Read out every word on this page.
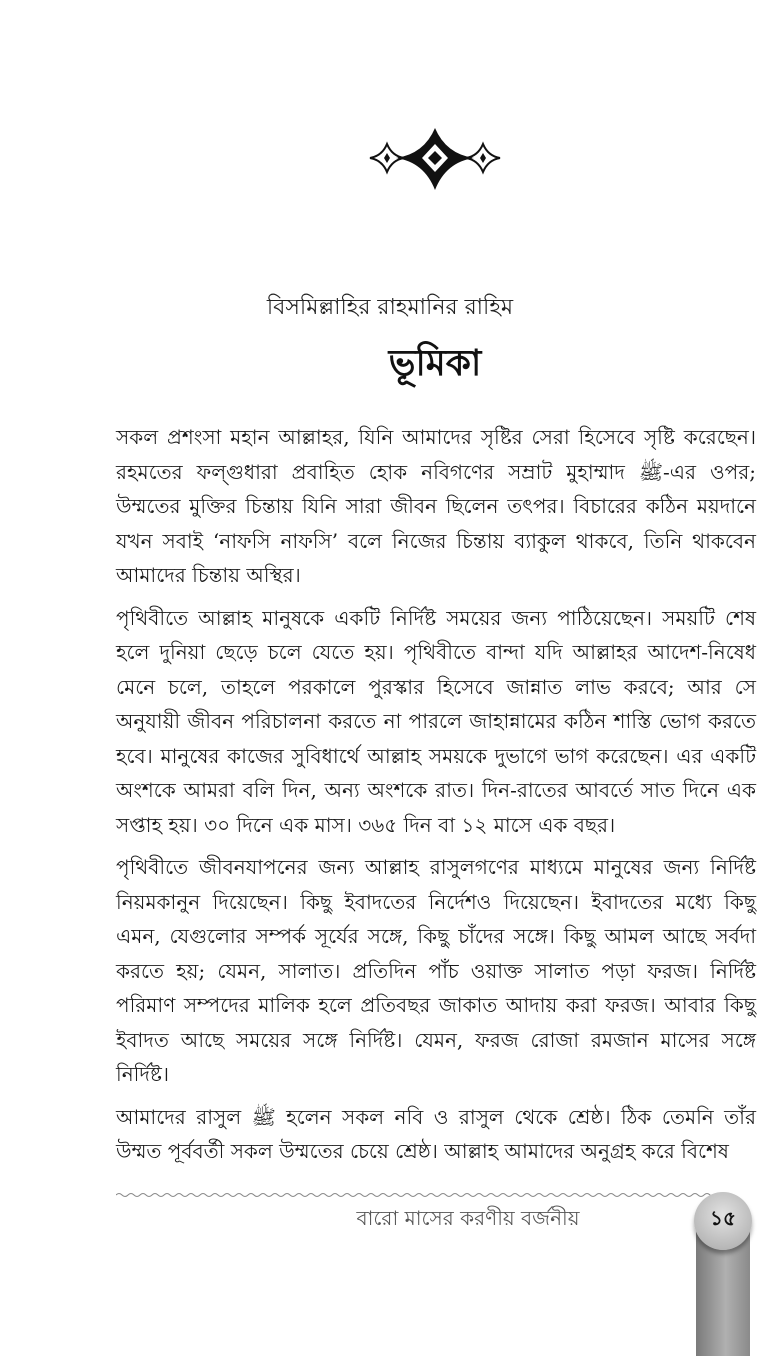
বিসমিল্লাহির রাহমানির রাহিম
ভূমিকা

সকল প্রশংসা মহান আল্লাহর, যিনি আমাদের সৃষ্টির সেরা হিসেবে সৃষ্টি করেছেন। রহমতের ফল্গুধারা প্রবাহিত হোক নবিগণের সম্রাট মুহাম্মাদ ﷺ-এর ওপর; উম্মতের মুক্তির চিন্তায় যিনি সারা জীবন ছিলেন তৎপর। বিচারের কঠিন ময়দানে যখন সবাই ‘নাফসি নাফসি’ বলে নিজের চিন্তায় ব্যাকুল থাকবে, তিনি থাকবেন আমাদের চিন্তায় অস্থির।

পৃথিবীতে আল্লাহ মানুষকে একটি নির্দিষ্ট সময়ের জন্য পাঠিয়েছেন। সময়টি শেষ হলে দুনিয়া ছেড়ে চলে যেতে হয়। পৃথিবীতে বান্দা যদি আল্লাহর আদেশ-নিষেধ মেনে চলে, তাহলে পরকালে পুরস্কার হিসেবে জান্নাত লাভ করবে; আর সে অনুযায়ী জীবন পরিচালনা করতে না পারলে জাহান্নামের কঠিন শাস্তি ভোগ করতে হবে। মানুষের কাজের সুবিধার্থে আল্লাহ সময়কে দুভাগে ভাগ করেছেন। এর একটি অংশকে আমরা বলি দিন, অন্য অংশকে রাত। দিন-রাতের আবর্তে সাত দিনে এক সপ্তাহ হয়। ৩০ দিনে এক মাস। ৩৬৫ দিন বা ১২ মাসে এক বছর।

পৃথিবীতে জীবনযাপনের জন্য আল্লাহ রাসুলগণের মাধ্যমে মানুষের জন্য নির্দিষ্ট নিয়মকানুন দিয়েছেন। কিছু ইবাদতের নির্দেশও দিয়েছেন। ইবাদতের মধ্যে কিছু এমন, যেগুলোর সম্পর্ক সূর্যের সঙ্গে, কিছু চাঁদের সঙ্গে। কিছু আমল আছে সর্বদা করতে হয়; যেমন, সালাত। প্রতিদিন পাঁচ ওয়াক্ত সালাত পড়া ফরজ। নির্দিষ্ট পরিমাণ সম্পদের মালিক হলে প্রতিবছর জাকাত আদায় করা ফরজ। আবার কিছু ইবাদত আছে সময়ের সঙ্গে নির্দিষ্ট। যেমন, ফরজ রোজা রমজান মাসের সঙ্গে নির্দিষ্ট।

আমাদের রাসুল ﷺ হলেন সকল নবি ও রাসুল থেকে শ্রেষ্ঠ। ঠিক তেমনি তাঁর উম্মত পূর্ববর্তী সকল উম্মতের চেয়ে শ্রেষ্ঠ। আল্লাহ আমাদের অনুগ্রহ করে বিশেষ

বারো মাসের করণীয় বর্জনীয়	১৫
